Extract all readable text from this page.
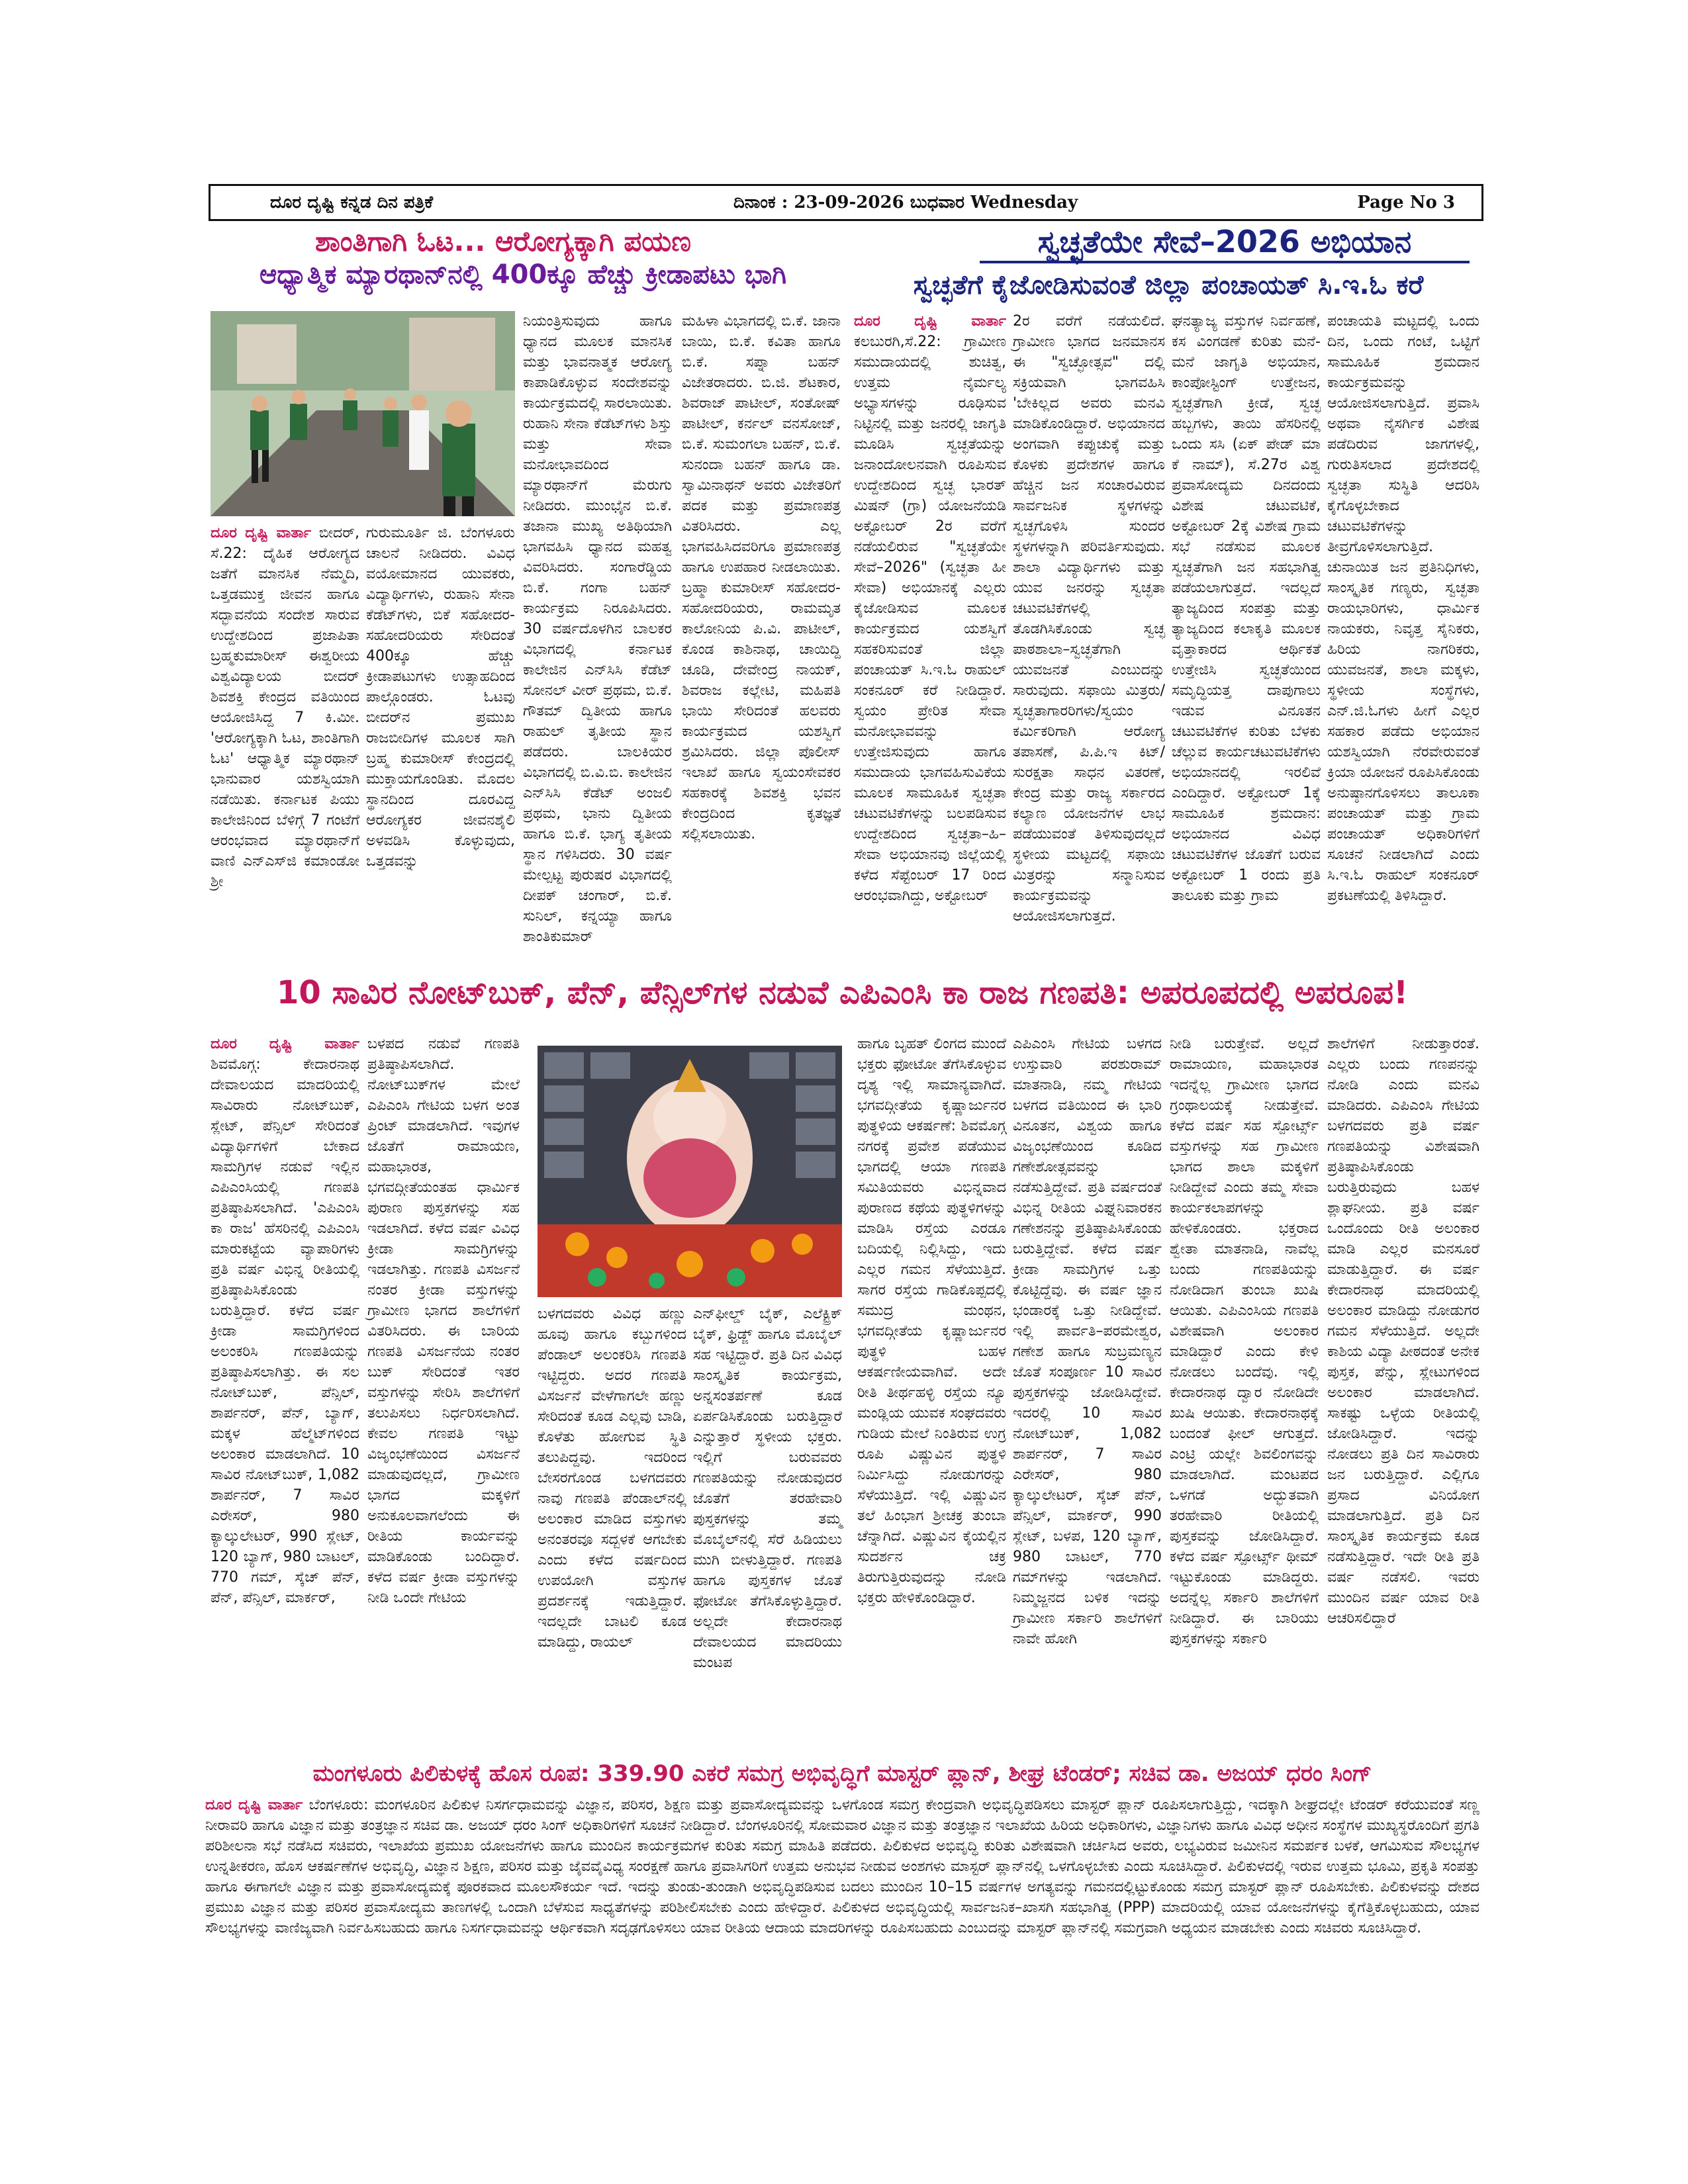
ದೂರ ದೃಷ್ಟಿ ಕನ್ನಡ ದಿನ ಪತ್ರಿಕೆ	ದಿನಾಂಕ : 23-09-2026 ಬುಧವಾರ Wednesday	Page No 3
ಶಾಂತಿಗಾಗಿ ಓಟ... ಆರೋಗ್ಯಕ್ಕಾಗಿ ಪಯಣ
ಆಧ್ಯಾತ್ಮಿಕ ಮ್ಯಾರಥಾನ್‌ನಲ್ಲಿ 400ಕ್ಕೂ ಹೆಚ್ಚು ಕ್ರೀಡಾಪಟು ಭಾಗಿ
ಸ್ವಚ್ಛತೆಯೇ ಸೇವೆ–2026 ಅಭಿಯಾನ
ಸ್ವಚ್ಛತೆಗೆ ಕೈಜೋಡಿಸುವಂತೆ ಜಿಲ್ಲಾ ಪಂಚಾಯತ್ ಸಿ.ಇ.ಓ ಕರೆ
ದೂರ ದೃಷ್ಟಿ ವಾರ್ತಾ ಬೀದರ್, ಸೆ.22: ದೈಹಿಕ ಆರೋಗ್ಯದ ಜತೆಗೆ ಮಾನಸಿಕ ನೆಮ್ಮದಿ, ಒತ್ತಡಮುಕ್ತ ಜೀವನ ಹಾಗೂ ಸದ್ಭಾವನೆಯ ಸಂದೇಶ ಸಾರುವ ಉದ್ದೇಶದಿಂದ ಪ್ರಜಾಪಿತಾ ಬ್ರಹ್ಮಕುಮಾರೀಸ್ ಈಶ್ವರೀಯ ವಿಶ್ವವಿದ್ಯಾಲಯ ಬೀದರ್ ಶಿವಶಕ್ತಿ ಕೇಂದ್ರದ ವತಿಯಿಂದ ಆಯೋಜಿಸಿದ್ದ 7 ಕಿ.ಮೀ. 'ಆರೋಗ್ಯಕ್ಕಾಗಿ ಓಟ, ಶಾಂತಿಗಾಗಿ ಓಟ' ಆಧ್ಯಾತ್ಮಿಕ ಮ್ಯಾರಥಾನ್ ಭಾನುವಾರ ಯಶಸ್ವಿಯಾಗಿ ನಡೆಯಿತು. ಕರ್ನಾಟಕ ಪಿಯು ಕಾಲೇಜಿನಿಂದ ಬೆಳಿಗ್ಗೆ 7 ಗಂಟೆಗೆ ಆರಂಭವಾದ ಮ್ಯಾರಥಾನ್‌ಗೆ ವಾಣಿ ಎನ್‌ಎಸ್‌ಜಿ ಕಮಾಂಡೋ ಶ್ರೀ
ಗುರುಮೂರ್ತಿ ಜಿ. ಬೆಂಗಳೂರು ಚಾಲನೆ ನೀಡಿದರು. ವಿವಿಧ ವಯೋಮಾನದ ಯುವಕರು, ವಿದ್ಯಾರ್ಥಿಗಳು, ರುಹಾನಿ ಸೇನಾ ಕೆಡೆಟ್‌ಗಳು, ಬಿಕೆ ಸಹೋದರ-ಸಹೋದರಿಯರು ಸೇರಿದಂತೆ 400ಕ್ಕೂ ಹೆಚ್ಚು ಕ್ರೀಡಾಪಟುಗಳು ಉತ್ಸಾಹದಿಂದ ಪಾಲ್ಗೊಂಡರು. ಓಟವು ಬೀದರ್‌ನ ಪ್ರಮುಖ ರಾಜಬೀದಿಗಳ ಮೂಲಕ ಸಾಗಿ ಬ್ರಹ್ಮ ಕುಮಾರೀಸ್ ಕೇಂದ್ರದಲ್ಲಿ ಮುಕ್ತಾಯಗೊಂಡಿತು. ಮೊದಲ ಸ್ಥಾನದಿಂದ ದೂರವಿದ್ದ ಆರೋಗ್ಯಕರ ಜೀವನಶೈಲಿ ಅಳವಡಿಸಿ ಕೊಳ್ಳುವುದು, ಒತ್ತಡವನ್ನು
ನಿಯಂತ್ರಿಸುವುದು ಹಾಗೂ ಧ್ಯಾನದ ಮೂಲಕ ಮಾನಸಿಕ ಮತ್ತು ಭಾವನಾತ್ಮಕ ಆರೋಗ್ಯ ಕಾಪಾಡಿಕೊಳ್ಳುವ ಸಂದೇಶವನ್ನು ಕಾರ್ಯಕ್ರಮದಲ್ಲಿ ಸಾರಲಾಯಿತು. ರುಹಾನಿ ಸೇನಾ ಕೆಡೆಟ್‌ಗಳು ಶಿಸ್ತು ಮತ್ತು ಸೇವಾ ಮನೋಭಾವದಿಂದ ಮ್ಯಾರಥಾನ್‌ಗೆ ಮೆರುಗು ನೀಡಿದರು. ಮುಂಭೈನ ಬಿ.ಕೆ. ತಜಾನಾ ಮುಖ್ಯ ಅತಿಥಿಯಾಗಿ ಭಾಗವಹಿಸಿ ಧ್ಯಾನದ ಮಹತ್ವ ವಿವರಿಸಿದರು. ಸಂಗಾರೆಡ್ಡಿಯ ಬಿ.ಕೆ. ಗಂಗಾ ಬಹನ್ ಕಾರ್ಯಕ್ರಮ ನಿರೂಪಿಸಿದರು. 30 ವರ್ಷದೊಳಗಿನ ಬಾಲಕರ ವಿಭಾಗದಲ್ಲಿ ಕರ್ನಾಟಕ ಕಾಲೇಜಿನ ಎನ್‌ಸಿಸಿ ಕೆಡೆಟ್ ಸೋನಲ್ ವೀರ್ ಪ್ರಥಮ, ಬಿ.ಕೆ. ಗೌತಮ್ ದ್ವಿತೀಯ ಹಾಗೂ ರಾಹುಲ್ ತೃತೀಯ ಸ್ಥಾನ ಪಡೆದರು. ಬಾಲಕಿಯರ ವಿಭಾಗದಲ್ಲಿ ಬಿ.ವಿ.ಬಿ. ಕಾಲೇಜಿನ ಎನ್‌ಸಿಸಿ ಕೆಡೆಟ್ ಅಂಜಲಿ ಪ್ರಥಮ, ಭಾನು ದ್ವಿತೀಯ ಹಾಗೂ ಬಿ.ಕೆ. ಭಾಗ್ಯ ತೃತೀಯ ಸ್ಥಾನ ಗಳಿಸಿದರು. 30 ವರ್ಷ ಮೇಲ್ಪಟ್ಟ ಪುರುಷರ ವಿಭಾಗದಲ್ಲಿ ದೀಪಕ್ ಚಂಗಾರ್, ಬಿ.ಕೆ. ಸುನಿಲ್, ಕನ್ನಯ್ಯಾ ಹಾಗೂ ಶಾಂತಿಕುಮಾರ್
ಮಹಿಳಾ ವಿಭಾಗದಲ್ಲಿ ಬಿ.ಕೆ. ಜಾನಾ ಬಾಯಿ, ಬಿ.ಕೆ. ಕವಿತಾ ಹಾಗೂ ಬಿ.ಕೆ. ಸಪ್ನಾ ಬಹನ್ ವಿಜೇತರಾದರು. ಬಿ.ಜಿ. ಶೆಟಕಾರ, ಶಿವರಾಜ್ ಪಾಟೀಲ್, ಸಂತೋಷ್ ಪಾಟೀಲ್, ಕರ್ನಲ್ ವನಸೋಜ್, ಬಿ.ಕೆ. ಸುಮಂಗಲಾ ಬಹನ್, ಬಿ.ಕೆ. ಸುನಂದಾ ಬಹನ್ ಹಾಗೂ ಡಾ. ಸ್ವಾಮಿನಾಥನ್ ಅವರು ವಿಜೇತರಿಗೆ ಪದಕ ಮತ್ತು ಪ್ರಮಾಣಪತ್ರ ವಿತರಿಸಿದರು. ಎಲ್ಲ ಭಾಗವಹಿಸಿದವರಿಗೂ ಪ್ರಮಾಣಪತ್ರ ಹಾಗೂ ಉಪಹಾರ ನೀಡಲಾಯಿತು. ಬ್ರಹ್ಮಾ ಕುಮಾರೀಸ್ ಸಹೋದರ-ಸಹೋದರಿಯರು, ರಾಮಮೃತ ಕಾಲೋನಿಯ ಪಿ.ವಿ. ಪಾಟೀಲ್, ಕೊಂಡ ಕಾಶಿನಾಥ, ಚಾಯಿದ್ದಿ ಚೂಡಿ, ದೇವೇಂದ್ರ ನಾಯಕ್, ಶಿವರಾಜ ಕಲ್ಲೇಟಿ, ಮಹಿಪತಿ ಭಾಯಿ ಸೇರಿದಂತೆ ಹಲವರು ಕಾರ್ಯಕ್ರಮದ ಯಶಸ್ವಿಗೆ ಶ್ರಮಿಸಿದರು. ಜಿಲ್ಲಾ ಪೊಲೀಸ್ ಇಲಾಖೆ ಹಾಗೂ ಸ್ವಯಂಸೇವಕರ ಸಹಕಾರಕ್ಕೆ ಶಿವಶಕ್ತಿ ಭವನ ಕೇಂದ್ರದಿಂದ ಕೃತಜ್ಞತೆ ಸಲ್ಲಿಸಲಾಯಿತು.
ದೂರ ದೃಷ್ಟಿ ವಾರ್ತಾ ಕಲಬುರಗಿ,ಸೆ.22: ಗ್ರಾಮೀಣ ಸಮುದಾಯದಲ್ಲಿ ಶುಚಿತ್ವ, ಉತ್ತಮ ನೈರ್ಮಲ್ಯ ಅಭ್ಯಾಸಗಳನ್ನು ರೂಢಿಸುವ ನಿಟ್ಟಿನಲ್ಲಿ ಮತ್ತು ಜನರಲ್ಲಿ ಜಾಗೃತಿ ಮೂಡಿಸಿ ಸ್ವಚ್ಛತೆಯನ್ನು ಜನಾಂದೋಲನವಾಗಿ ರೂಪಿಸುವ ಉದ್ದೇಶದಿಂದ ಸ್ವಚ್ಛ ಭಾರತ್ ಮಿಷನ್ (ಗ್ರಾ) ಯೋಜನೆಯಡಿ ಅಕ್ಟೋಬರ್ 2ರ ವರೆಗೆ ನಡೆಯಲಿರುವ "ಸ್ವಚ್ಛತೆಯೇ ಸೇವೆ–2026" (ಸ್ವಚ್ಛತಾ ಹೀ ಸೇವಾ) ಅಭಿಯಾನಕ್ಕೆ ಎಲ್ಲರು ಕೈಜೋಡಿಸುವ ಮೂಲಕ ಕಾರ್ಯಕ್ರಮದ ಯಶಸ್ವಿಗೆ ಸಹಕರಿಸುವಂತೆ ಜಿಲ್ಲಾ ಪಂಚಾಯತ್ ಸಿ.ಇ.ಓ ರಾಹುಲ್ ಸಂಕನೂರ್ ಕರೆ ನೀಡಿದ್ದಾರೆ. ಸ್ವಯಂ ಪ್ರೇರಿತ ಸೇವಾ ಮನೋಭಾವವನ್ನು ಉತ್ತೇಜಿಸುವುದು ಹಾಗೂ ಸಮುದಾಯ ಭಾಗವಹಿಸುವಿಕೆಯ ಮೂಲಕ ಸಾಮೂಹಿಕ ಸ್ವಚ್ಛತಾ ಚಟುವಟಿಕೆಗಳನ್ನು ಬಲಪಡಿಸುವ ಉದ್ದೇಶದಿಂದ ಸ್ವಚ್ಛತಾ–ಹಿ–ಸೇವಾ ಅಭಿಯಾನವು ಜಿಲ್ಲೆಯಲ್ಲಿ ಕಳೆದ ಸೆಪ್ಟೆಂಬರ್ 17 ರಿಂದ ಆರಂಭವಾಗಿದ್ದು, ಅಕ್ಟೋಬರ್
2ರ ವರೆಗೆ ನಡೆಯಲಿದೆ. ಗ್ರಾಮೀಣ ಭಾಗದ ಜನಮಾನಸ ಈ "ಸ್ವಚ್ಛೋತ್ಸವ" ದಲ್ಲಿ ಸಕ್ರಿಯವಾಗಿ ಭಾಗವಹಿಸಿ 'ಬೇಕಿಲ್ಲದ ಅವರು ಮನವಿ ಮಾಡಿಕೊಂಡಿದ್ದಾರೆ. ಅಭಿಯಾನದ ಅಂಗವಾಗಿ ಕಪ್ಪುಚುಕ್ಕೆ ಮತ್ತು ಕೊಳಕು ಪ್ರದೇಶಗಳ ಹಾಗೂ ಹೆಚ್ಚಿನ ಜನ ಸಂಚಾರವಿರುವ ಸಾರ್ವಜನಿಕ ಸ್ಥಳಗಳನ್ನು ಸ್ವಚ್ಛಗೊಳಿಸಿ ಸುಂದರ ಸ್ಥಳಗಳನ್ನಾಗಿ ಪರಿವರ್ತಿಸುವುದು. ಶಾಲಾ ವಿದ್ಯಾರ್ಥಿಗಳು ಮತ್ತು ಯುವ ಜನರನ್ನು ಸ್ವಚ್ಛತಾ ಚಟುವಟಿಕೆಗಳಲ್ಲಿ ತೊಡಗಿಸಿಕೊಂಡು ಸ್ವಚ್ಛ ಪಾಠಶಾಲಾ–ಸ್ವಚ್ಛತೆಗಾಗಿ ಯುವಜನತೆ ಎಂಬುದನ್ನು ಸಾರುವುದು. ಸಫಾಯಿ ಮಿತ್ರರು/ಸ್ವಚ್ಛತಾಗಾರರಿಗಳು/ಸ್ವಯಂ ಕರ್ಮಿಕರಿಗಾಗಿ ಆರೋಗ್ಯ ತಪಾಸಣೆ, ಪಿ.ಪಿ.ಇ ಕಿಟ್/ ಸುರಕ್ಷತಾ ಸಾಧನ ವಿತರಣೆ, ಕೇಂದ್ರ ಮತ್ತು ರಾಜ್ಯ ಸರ್ಕಾರದ ಕಲ್ಯಾಣ ಯೋಜನೆಗಳ ಲಾಭ ಪಡೆಯುವಂತೆ ತಿಳಿಸುವುದಲ್ಲದೆ ಸ್ಥಳೀಯ ಮಟ್ಟದಲ್ಲಿ ಸಫಾಯಿ ಮಿತ್ರರನ್ನು ಸನ್ಮಾನಿಸುವ ಕಾರ್ಯಕ್ರಮವನ್ನು ಆಯೋಜಿಸಲಾಗುತ್ತದೆ.
ಘನತ್ಯಾಜ್ಯ ವಸ್ತುಗಳ ನಿರ್ವಹಣೆ, ಕಸ ವಿಂಗಡಣೆ ಕುರಿತು ಮನೆ-ಮನೆ ಜಾಗೃತಿ ಅಭಿಯಾನ, ಕಾಂಪೋಸ್ಟಿಂಗ್ ಉತ್ತೇಜನ, ಸ್ವಚ್ಛತೆಗಾಗಿ ಕ್ರೀಡೆ, ಸ್ವಚ್ಛ ಹಬ್ಬಗಳು, ತಾಯಿ ಹೆಸರಿನಲ್ಲಿ ಒಂದು ಸಸಿ (ಏಕ್ ಪೇಡ್ ಮಾ ಕೆ ನಾಮ್), ಸೆ.27ರ ವಿಶ್ವ ಪ್ರವಾಸೋದ್ಯಮ ದಿನದಂದು ವಿಶೇಷ ಚಟುವಟಿಕೆ, ಅಕ್ಟೋಬರ್ 2ಕ್ಕೆ ವಿಶೇಷ ಗ್ರಾಮ ಸಭೆ ನಡೆಸುವ ಮೂಲಕ ಸ್ವಚ್ಛತೆಗಾಗಿ ಜನ ಸಹಭಾಗಿತ್ವ ಪಡೆಯಲಾಗುತ್ತದೆ. ಇದಲ್ಲದೆ ತ್ಯಾಜ್ಯದಿಂದ ಸಂಪತ್ತು ಮತ್ತು ತ್ಯಾಜ್ಯದಿಂದ ಕಲಾಕೃತಿ ಮೂಲಕ ವೃತ್ತಾಕಾರದ ಆರ್ಥಿಕತೆ ಉತ್ತೇಜಿಸಿ ಸ್ವಚ್ಛತೆಯಿಂದ ಸಮೃದ್ಧಿಯತ್ತ ದಾಪುಗಾಲು ಇಡುವ ವಿನೂತನ ಚಟುವಟಿಕೆಗಳ ಕುರಿತು ಬೆಳಕು ಚೆಲ್ಲುವ ಕಾರ್ಯಚಟುವಟಿಕೆಗಳು ಅಭಿಯಾನದಲ್ಲಿ ಇರಲಿವೆ ಎಂದಿದ್ದಾರೆ. ಅಕ್ಟೋಬರ್ 1ಕ್ಕೆ ಸಾಮೂಹಿಕ ಶ್ರಮದಾನ: ಅಭಿಯಾನದ ವಿವಿಧ ಚಟುವಟಿಕೆಗಳ ಜೊತೆಗೆ ಬರುವ ಅಕ್ಟೋಬರ್ 1 ರಂದು ಪ್ರತಿ ತಾಲೂಕು ಮತ್ತು ಗ್ರಾಮ
ಪಂಚಾಯತಿ ಮಟ್ಟದಲ್ಲಿ ಒಂದು ದಿನ, ಒಂದು ಗಂಟೆ, ಒಟ್ಟಿಗೆ ಸಾಮೂಹಿಕ ಶ್ರಮದಾನ ಕಾರ್ಯಕ್ರಮವನ್ನು ಆಯೋಜಿಸಲಾಗುತ್ತಿದೆ. ಪ್ರವಾಸಿ ಅಥವಾ ನೈಸರ್ಗಿಕ ವಿಶೇಷ ಪಡೆದಿರುವ ಜಾಗಗಳಲ್ಲಿ, ಗುರುತಿಸಲಾದ ಪ್ರದೇಶದಲ್ಲಿ ಸ್ವಚ್ಛತಾ ಸುಸ್ಥಿತಿ ಆದರಿಸಿ ಕೈಗೊಳ್ಳಬೇಕಾದ ಚಟುವಟಿಕೆಗಳನ್ನು ತೀವ್ರಗೊಳಿಸಲಾಗುತ್ತಿದೆ. ಚುನಾಯಿತ ಜನ ಪ್ರತಿನಿಧಿಗಳು, ಸಾಂಸ್ಕೃತಿಕ ಗಣ್ಯರು, ಸ್ವಚ್ಛತಾ ರಾಯಭಾರಿಗಳು, ಧಾರ್ಮಿಕ ನಾಯಕರು, ನಿವೃತ್ತ ಸೈನಿಕರು, ಹಿರಿಯ ನಾಗರಿಕರು, ಯುವಜನತೆ, ಶಾಲಾ ಮಕ್ಕಳು, ಸ್ಥಳೀಯ ಸಂಸ್ಥೆಗಳು, ಎನ್.ಜಿ.ಓಗಳು ಹೀಗೆ ಎಲ್ಲರ ಸಹಕಾರ ಪಡೆದು ಅಭಿಯಾನ ಯಶಸ್ವಿಯಾಗಿ ನೆರವೇರುವಂತೆ ಕ್ರಿಯಾ ಯೋಜನೆ ರೂಪಿಸಿಕೊಂಡು ಅನುಷ್ಠಾನಗೊಳಿಸಲು ತಾಲೂಕಾ ಪಂಚಾಯತ್ ಮತ್ತು ಗ್ರಾಮ ಪಂಚಾಯತ್ ಅಧಿಕಾರಿಗಳಿಗೆ ಸೂಚನೆ ನೀಡಲಾಗಿದೆ ಎಂದು ಸಿ.ಇ.ಓ ರಾಹುಲ್ ಸಂಕನೂರ್ ಪ್ರಕಟಣೆಯಲ್ಲಿ ತಿಳಿಸಿದ್ದಾರೆ.
10 ಸಾವಿರ ನೋಟ್‌ಬುಕ್, ಪೆನ್, ಪೆನ್ಸಿಲ್‌ಗಳ ನಡುವೆ ಎಪಿಎಂಸಿ ಕಾ ರಾಜ ಗಣಪತಿ: ಅಪರೂಪದಲ್ಲಿ ಅಪರೂಪ!
ದೂರ ದೃಷ್ಟಿ ವಾರ್ತಾ ಶಿವಮೊಗ್ಗ: ಕೇದಾರನಾಥ ದೇವಾಲಯದ ಮಾದರಿಯಲ್ಲಿ ಸಾವಿರಾರು ನೋಟ್‌ಬುಕ್, ಸ್ಲೇಟ್, ಪೆನ್ಸಿಲ್ ಸೇರಿದಂತೆ ವಿದ್ಯಾರ್ಥಿಗಳಿಗೆ ಬೇಕಾದ ಸಾಮಗ್ರಿಗಳ ನಡುವೆ ಇಲ್ಲಿನ ಎಪಿಎಂಸಿಯಲ್ಲಿ ಗಣಪತಿ ಪ್ರತಿಷ್ಠಾಪಿಸಲಾಗಿದೆ. 'ಎಪಿಎಂಸಿ ಕಾ ರಾಜ' ಹೆಸರಿನಲ್ಲಿ ಎಪಿಎಂಸಿ ಮಾರುಕಟ್ಟೆಯ ವ್ಯಾಪಾರಿಗಳು ಪ್ರತಿ ವರ್ಷ ವಿಭಿನ್ನ ರೀತಿಯಲ್ಲಿ ಪ್ರತಿಷ್ಠಾಪಿಸಿಕೊಂಡು ಬರುತ್ತಿದ್ದಾರೆ. ಕಳೆದ ವರ್ಷ ಕ್ರೀಡಾ ಸಾಮಗ್ರಿಗಳಿಂದ ಅಲಂಕರಿಸಿ ಗಣಪತಿಯನ್ನು ಪ್ರತಿಷ್ಠಾಪಿಸಲಾಗಿತ್ತು. ಈ ಸಲ ನೋಟ್‌ಬುಕ್, ಪೆನ್ಸಿಲ್, ಶಾರ್ಪನರ್, ಪೆನ್, ಬ್ಯಾಗ್, ಮಕ್ಕಳ ಹೆಲ್ಮೆಟ್‌ಗಳಿಂದ ಅಲಂಕಾರ ಮಾಡಲಾಗಿದೆ. 10 ಸಾವಿರ ನೋಟ್‌ಬುಕ್, 1,082 ಶಾರ್ಪನರ್, 7 ಸಾವಿರ ಎರೇಸರ್, 980 ಕ್ಯಾಲ್ಕುಲೇಟರ್, 990 ಸ್ಲೇಟ್, 120 ಬ್ಯಾಗ್, 980 ಬಾಟಲ್, 770 ಗಮ್, ಸ್ಕೆಚ್ ಪೆನ್, ಪೆನ್, ಪೆನ್ಸಿಲ್, ಮಾರ್ಕರ್,
ಬಳಪದ ನಡುವೆ ಗಣಪತಿ ಪ್ರತಿಷ್ಠಾಪಿಸಲಾಗಿದೆ. ನೋಟ್‌ಬುಕ್‌ಗಳ ಮೇಲೆ ಎಪಿಎಂಸಿ ಗೇಟಿಯ ಬಳಗ ಅಂತ ಪ್ರಿಂಟ್ ಮಾಡಲಾಗಿದೆ. ಇವುಗಳ ಜೊತೆಗೆ ರಾಮಾಯಣ, ಮಹಾಭಾರತ, ಭಗವದ್ಗೀತೆಯಂತಹ ಧಾರ್ಮಿಕ ಪುರಾಣ ಪುಸ್ತಕಗಳನ್ನು ಸಹ ಇಡಲಾಗಿದೆ. ಕಳೆದ ವರ್ಷ ವಿವಿಧ ಕ್ರೀಡಾ ಸಾಮಗ್ರಿಗಳನ್ನು ಇಡಲಾಗಿತ್ತು. ಗಣಪತಿ ವಿಸರ್ಜನೆ ನಂತರ ಕ್ರೀಡಾ ವಸ್ತುಗಳನ್ನು ಗ್ರಾಮೀಣ ಭಾಗದ ಶಾಲೆಗಳಿಗೆ ವಿತರಿಸಿದರು. ಈ ಬಾರಿಯ ಗಣಪತಿ ವಿಸರ್ಜನೆಯ ನಂತರ ಬುಕ್ ಸೇರಿದಂತೆ ಇತರ ವಸ್ತುಗಳನ್ನು ಸೇರಿಸಿ ಶಾಲೆಗಳಿಗೆ ತಲುಪಿಸಲು ನಿರ್ಧರಿಸಲಾಗಿದೆ. ಕೇವಲ ಗಣಪತಿ ಇಟ್ಟು ವಿಜೃಂಭಣೆಯಿಂದ ವಿಸರ್ಜನೆ ಮಾಡುವುದಲ್ಲದೆ, ಗ್ರಾಮೀಣ ಭಾಗದ ಮಕ್ಕಳಿಗೆ ಅನುಕೂಲವಾಗಲೆಂದು ಈ ರೀತಿಯ ಕಾರ್ಯವನ್ನು ಮಾಡಿಕೊಂಡು ಬಂದಿದ್ದಾರೆ. ಕಳೆದ ವರ್ಷ ಕ್ರೀಡಾ ವಸ್ತುಗಳನ್ನು ನೀಡಿ ಒಂದೇ ಗೇಟಿಯ
ಬಳಗದವರು ವಿವಿಧ ಹಣ್ಣು ಹೂವು ಹಾಗೂ ಕಬ್ಬುಗಳಿಂದ ಪೆಂಡಾಲ್ ಅಲಂಕರಿಸಿ ಗಣಪತಿ ಇಟ್ಟಿದ್ದರು. ಅದರ ಗಣಪತಿ ವಿಸರ್ಜನೆ ವೇಳೆಗಾಗಲೇ ಹಣ್ಣು ಸೇರಿದಂತೆ ಕೂಡ ಎಲ್ಲವು ಬಾಡಿ, ಕೊಳೆತು ಹೋಗುವ ಸ್ಥಿತಿ ತಲುಪಿದ್ದವು. ಇದರಿಂದ ಬೇಸರಗೊಂಡ ಬಳಗದವರು ನಾವು ಗಣಪತಿ ಪೆಂಡಾಲ್‌ನಲ್ಲಿ ಅಲಂಕಾರ ಮಾಡಿದ ವಸ್ತುಗಳು ಅನಂತರವೂ ಸದ್ಬಳಕೆ ಆಗಬೇಕು ಎಂದು ಕಳೆದ ವರ್ಷದಿಂದ ಉಪಯೋಗಿ ವಸ್ತುಗಳ ಪ್ರದರ್ಶನಕ್ಕೆ ಇಡುತ್ತಿದ್ದಾರೆ. ಇದಲ್ಲದೇ ಬಾಟಲಿ ಕೂಡ ಮಾಡಿದ್ದು, ರಾಯಲ್
ಎನ್‌ಫೀಲ್ಡ್ ಬೈಕ್, ಎಲೆಕ್ಟ್ರಿಕ್ ಬೈಕ್, ಫ್ರಿಡ್ಜ್ ಹಾಗೂ ಮೊಬೈಲ್ ಸಹ ಇಟ್ಟಿದ್ದಾರೆ. ಪ್ರತಿ ದಿನ ವಿವಿಧ ಸಾಂಸ್ಕೃತಿಕ ಕಾರ್ಯಕ್ರಮ, ಅನ್ನಸಂತರ್ಪಣೆ ಕೂಡ ಏರ್ಪಡಿಸಿಕೊಂಡು ಬರುತ್ತಿದ್ದಾರೆ ಎನ್ನುತ್ತಾರೆ ಸ್ಥಳೀಯ ಭಕ್ತರು. ಇಲ್ಲಿಗೆ ಬರುವವರು ಗಣಪತಿಯನ್ನು ನೋಡುವುದರ ಜೊತೆಗೆ ತರಹೇವಾರಿ ಪುಸ್ತಕಗಳನ್ನು ತಮ್ಮ ಮೊಬೈಲ್‌ನಲ್ಲಿ ಸೆರೆ ಹಿಡಿಯಲು ಮುಗಿ ಬೀಳುತ್ತಿದ್ದಾರೆ. ಗಣಪತಿ ಹಾಗೂ ಪುಸ್ತಕಗಳ ಜೊತೆ ಫೋಟೋ ತೆಗೆಸಿಕೊಳ್ಳುತ್ತಿದ್ದಾರೆ. ಅಲ್ಲದೇ ಕೇದಾರನಾಥ ದೇವಾಲಯದ ಮಾದರಿಯು ಮಂಟಪ
ಹಾಗೂ ಬೃಹತ್ ಲಿಂಗದ ಮುಂದೆ ಭಕ್ತರು ಫೋಟೋ ತೆಗೆಸಿಕೊಳ್ಳುವ ದೃಶ್ಯ ಇಲ್ಲಿ ಸಾಮಾನ್ಯವಾಗಿದೆ. ಭಗವದ್ಗೀತೆಯ ಕೃಷ್ಣಾರ್ಜುನರ ಪುತ್ಥಳಿಯ ಆಕರ್ಷಣೆ: ಶಿವಮೊಗ್ಗ ನಗರಕ್ಕೆ ಪ್ರವೇಶ ಪಡೆಯುವ ಭಾಗದಲ್ಲಿ ಆಯಾ ಗಣಪತಿ ಸಮಿತಿಯವರು ವಿಭಿನ್ನವಾದ ಪುರಾಣದ ಕಥೆಯ ಪುತ್ಥಳಿಗಳನ್ನು ಮಾಡಿಸಿ ರಸ್ತೆಯ ಎರಡೂ ಬದಿಯಲ್ಲಿ ನಿಲ್ಲಿಸಿದ್ದು, ಇದು ಎಲ್ಲರ ಗಮನ ಸೆಳೆಯುತ್ತಿದೆ. ಸಾಗರ ರಸ್ತೆಯ ಗಾಡಿಕೊಪ್ಪದಲ್ಲಿ ಸಮುದ್ರ ಮಂಥನ, ಭಗವದ್ಗೀತೆಯ ಕೃಷ್ಣಾರ್ಜುನರ ಪುತ್ಥಳಿ ಬಹಳ ಆಕರ್ಷಣೀಯವಾಗಿವೆ. ಅದೇ ರೀತಿ ತೀರ್ಥಹಳ್ಳಿ ರಸ್ತೆಯ ನ್ಯೂ ಮಂಡ್ಲಿಯ ಯುವಕ ಸಂಘದವರು ಗುಡಿಯ ಮೇಲೆ ನಿಂತಿರುವ ಉಗ್ರ ರೂಪಿ ವಿಷ್ಣುವಿನ ಪುತ್ಥಳಿ ನಿರ್ಮಿಸಿದ್ದು ನೋಡುಗರನ್ನು ಸೆಳೆಯುತ್ತಿದೆ. ಇಲ್ಲಿ ವಿಷ್ಣುವಿನ ತಲೆ ಹಿಂಭಾಗ ಶ್ರೀಚಕ್ರ ತುಂಬಾ ಚೆನ್ನಾಗಿದೆ. ವಿಷ್ಣುವಿನ ಕೈಯಲ್ಲಿನ ಸುದರ್ಶನ ಚಕ್ರ ತಿರುಗುತ್ತಿರುವುದನ್ನು ನೋಡಿ ಭಕ್ತರು ಹೇಳಿಕೊಂಡಿದ್ದಾರೆ.
ಎಪಿಎಂಸಿ ಗೇಟಿಯ ಬಳಗದ ಉಸ್ತುವಾರಿ ಪರಶುರಾಮ್ ಮಾತನಾಡಿ, ನಮ್ಮ ಗೇಟಿಯ ಬಳಗದ ವತಿಯಿಂದ ಈ ಭಾರಿ ವಿನೂತನ, ವಿಶ್ವಯ ಹಾಗೂ ವಿಜೃಂಭಣೆಯಿಂದ ಕೂಡಿದ ಗಣೇಶೋತ್ಸವವನ್ನು ನಡೆಸುತ್ತಿದ್ದೇವೆ. ಪ್ರತಿ ವರ್ಷದಂತೆ ವಿಭಿನ್ನ ರೀತಿಯ ವಿಘ್ನನಿವಾರಕನ ಗಣೇಶನನ್ನು ಪ್ರತಿಷ್ಠಾಪಿಸಿಕೊಂಡು ಬರುತ್ತಿದ್ದೇವೆ. ಕಳೆದ ವರ್ಷ ಕ್ರೀಡಾ ಸಾಮಗ್ರಿಗಳ ಒತ್ತು ಕೊಟ್ಟಿದ್ದೆವು. ಈ ವರ್ಷ ಜ್ಞಾನ ಭಂಡಾರಕ್ಕೆ ಒತ್ತು ನೀಡಿದ್ದೇವೆ. ಇಲ್ಲಿ ಪಾರ್ವತಿ–ಪರಮೇಶ್ವರ, ಗಣೇಶ ಹಾಗೂ ಸುಬ್ರಮಣ್ಯನ ಜೊತೆ ಸಂಪೂರ್ಣ 10 ಸಾವಿರ ಪುಸ್ತಕಗಳನ್ನು ಜೋಡಿಸಿದ್ದೇವೆ. ಇದರಲ್ಲಿ 10 ಸಾವಿರ ನೋಟ್‌ಬುಕ್, 1,082 ಶಾರ್ಪನರ್, 7 ಸಾವಿರ ಎರೇಸರ್, 980 ಕ್ಯಾಲ್ಕುಲೇಟರ್, ಸ್ಕೆಚ್ ಪೆನ್, ಪೆನ್ಸಿಲ್, ಮಾರ್ಕರ್, 990 ಸ್ಲೇಟ್, ಬಳಪ, 120 ಬ್ಯಾಗ್, 980 ಬಾಟಲ್, 770 ಗಮ್‌ಗಳನ್ನು ಇಡಲಾಗಿದೆ. ನಿಮ್ಮಜ್ಜನದ ಬಳಿಕ ಇದನ್ನು ಗ್ರಾಮೀಣ ಸರ್ಕಾರಿ ಶಾಲೆಗಳಿಗೆ ನಾವೇ ಹೋಗಿ
ನೀಡಿ ಬರುತ್ತೇವೆ. ಅಲ್ಲದೆ ರಾಮಾಯಣ, ಮಹಾಭಾರತ ಇದನ್ನೆಲ್ಲ ಗ್ರಾಮೀಣ ಭಾಗದ ಗ್ರಂಥಾಲಯಕ್ಕೆ ನೀಡುತ್ತೇವೆ. ಕಳೆದ ವರ್ಷ ಸಹ ಸ್ಪೋರ್ಟ್ಸ್ ವಸ್ತುಗಳನ್ನು ಸಹ ಗ್ರಾಮೀಣ ಭಾಗದ ಶಾಲಾ ಮಕ್ಕಳಿಗೆ ನೀಡಿದ್ದೇವೆ ಎಂದು ತಮ್ಮ ಸೇವಾ ಕಾರ್ಯಕಲಾಪಗಳನ್ನು ಹೇಳಿಕೊಂಡರು. ಭಕ್ತರಾದ ಶ್ವೇತಾ ಮಾತನಾಡಿ, ನಾವೆಲ್ಲ ಬಂದು ಗಣಪತಿಯನ್ನು ನೋಡಿದಾಗ ತುಂಬಾ ಖುಷಿ ಆಯಿತು. ಎಪಿಎಂಸಿಯ ಗಣಪತಿ ವಿಶೇಷವಾಗಿ ಅಲಂಕಾರ ಮಾಡಿದ್ದಾರೆ ಎಂದು ಕೇಳಿ ನೋಡಲು ಬಂದೆವು. ಇಲ್ಲಿ ಕೇದಾರನಾಥ ದ್ವಾರ ನೋಡಿದೇ ಖುಷಿ ಆಯಿತು. ಕೇದಾರನಾಥಕ್ಕೆ ಬಂದಂತೆ ಫೀಲ್ ಆಗುತ್ತದೆ. ಎಂಟ್ರಿ ಯಲ್ಲೇ ಶಿವಲಿಂಗವನ್ನು ಮಾಡಲಾಗಿದೆ. ಮಂಟಪದ ಒಳಗಡೆ ಅದ್ಭುತವಾಗಿ ತರಹೇವಾರಿ ರೀತಿಯಲ್ಲಿ ಪುಸ್ತಕವನ್ನು ಜೋಡಿಸಿದ್ದಾರೆ. ಕಳೆದ ವರ್ಷ ಸ್ಪೋರ್ಟ್ಸ್ ಥೀಮ್ ಇಟ್ಟುಕೊಂಡು ಮಾಡಿದ್ದರು. ಅದನ್ನೆಲ್ಲ ಸರ್ಕಾರಿ ಶಾಲೆಗಳಿಗೆ ನೀಡಿದ್ದಾರೆ. ಈ ಬಾರಿಯು ಪುಸ್ತಕಗಳನ್ನು ಸರ್ಕಾರಿ
ಶಾಲೆಗಳಿಗೆ ನೀಡುತ್ತಾರಂತೆ. ಎಲ್ಲರು ಬಂದು ಗಣಪನನ್ನು ನೋಡಿ ಎಂದು ಮನವಿ ಮಾಡಿದರು. ಎಪಿಎಂಸಿ ಗೇಟಿಯ ಬಳಗದವರು ಪ್ರತಿ ವರ್ಷ ಗಣಪತಿಯನ್ನು ವಿಶೇಷವಾಗಿ ಪ್ರತಿಷ್ಠಾಪಿಸಿಕೊಂಡು ಬರುತ್ತಿರುವುದು ಬಹಳ ಶ್ಲಾಘನೀಯ. ಪ್ರತಿ ವರ್ಷ ಒಂದೊಂದು ರೀತಿ ಅಲಂಕಾರ ಮಾಡಿ ಎಲ್ಲರ ಮನಸೂರೆ ಮಾಡುತ್ತಿದ್ದಾರೆ. ಈ ವರ್ಷ ಕೇದಾರನಾಥ ಮಾದರಿಯಲ್ಲಿ ಅಲಂಕಾರ ಮಾಡಿದ್ದು ನೋಡುಗರ ಗಮನ ಸೆಳೆಯುತ್ತಿದೆ. ಅಲ್ಲದೇ ಕಾಶಿಯ ವಿದ್ಯಾ ಪೀಠದಂತೆ ಅನೇಕ ಪುಸ್ತಕ, ಪೆನ್ನು, ಸ್ಲೇಟುಗಳಿಂದ ಅಲಂಕಾರ ಮಾಡಲಾಗಿದೆ. ಸಾಕಷ್ಟು ಒಳ್ಳೆಯ ರೀತಿಯಲ್ಲಿ ಜೋಡಿಸಿದ್ದಾರೆ. ಇದನ್ನು ನೋಡಲು ಪ್ರತಿ ದಿನ ಸಾವಿರಾರು ಜನ ಬರುತ್ತಿದ್ದಾರೆ. ಎಲ್ಲಿಗೂ ಪ್ರಸಾದ ವಿನಿಯೋಗ ಮಾಡಲಾಗುತ್ತಿದೆ. ಪ್ರತಿ ದಿನ ಸಾಂಸ್ಕೃತಿಕ ಕಾರ್ಯಕ್ರಮ ಕೂಡ ನಡೆಸುತ್ತಿದ್ದಾರೆ. ಇದೇ ರೀತಿ ಪ್ರತಿ ವರ್ಷ ನಡೆಸಲಿ. ಇವರು ಮುಂದಿನ ವರ್ಷ ಯಾವ ರೀತಿ ಆಚರಿಸಲಿದ್ದಾರೆ
ಮಂಗಳೂರು ಪಿಲಿಕುಳಕ್ಕೆ ಹೊಸ ರೂಪ: 339.90 ಎಕರೆ ಸಮಗ್ರ ಅಭಿವೃದ್ಧಿಗೆ ಮಾಸ್ಟರ್ ಪ್ಲಾನ್, ಶೀಘ್ರ ಟೆಂಡರ್; ಸಚಿವ ಡಾ. ಅಜಯ್ ಧರಂ ಸಿಂಗ್
ದೂರ ದೃಷ್ಟಿ ವಾರ್ತಾ ಬೆಂಗಳೂರು: ಮಂಗಳೂರಿನ ಪಿಲಿಕುಳ ನಿಸರ್ಗಧಾಮವನ್ನು ವಿಜ್ಞಾನ, ಪರಿಸರ, ಶಿಕ್ಷಣ ಮತ್ತು ಪ್ರವಾಸೋದ್ಯಮವನ್ನು ಒಳಗೊಂಡ ಸಮಗ್ರ ಕೇಂದ್ರವಾಗಿ ಅಭಿವೃದ್ಧಿಪಡಿಸಲು ಮಾಸ್ಟರ್ ಪ್ಲಾನ್ ರೂಪಿಸಲಾಗುತ್ತಿದ್ದು, ಇದಕ್ಕಾಗಿ ಶೀಘ್ರದಲ್ಲೇ ಟೆಂಡರ್ ಕರೆಯುವಂತೆ ಸಣ್ಣ ನೀರಾವರಿ ಹಾಗೂ ವಿಜ್ಞಾನ ಮತ್ತು ತಂತ್ರಜ್ಞಾನ ಸಚಿವ ಡಾ. ಅಜಯ್ ಧರಂ ಸಿಂಗ್ ಅಧಿಕಾರಿಗಳಿಗೆ ಸೂಚನೆ ನೀಡಿದ್ದಾರೆ. ಬೆಂಗಳೂರಿನಲ್ಲಿ ಸೋಮವಾರ ವಿಜ್ಞಾನ ಮತ್ತು ತಂತ್ರಜ್ಞಾನ ಇಲಾಖೆಯ ಹಿರಿಯ ಅಧಿಕಾರಿಗಳು, ವಿಜ್ಞಾನಿಗಳು ಹಾಗೂ ವಿವಿಧ ಅಧೀನ ಸಂಸ್ಥೆಗಳ ಮುಖ್ಯಸ್ಥರೊಂದಿಗೆ ಪ್ರಗತಿ ಪರಿಶೀಲನಾ ಸಭೆ ನಡೆಸಿದ ಸಚಿವರು, ಇಲಾಖೆಯ ಪ್ರಮುಖ ಯೋಜನೆಗಳು ಹಾಗೂ ಮುಂದಿನ ಕಾರ್ಯಕ್ರಮಗಳ ಕುರಿತು ಸಮಗ್ರ ಮಾಹಿತಿ ಪಡೆದರು. ಪಿಲಿಕುಳದ ಅಭಿವೃದ್ಧಿ ಕುರಿತು ವಿಶೇಷವಾಗಿ ಚರ್ಚಿಸಿದ ಅವರು, ಲಭ್ಯವಿರುವ ಜಮೀನಿನ ಸಮರ್ಪಕ ಬಳಕೆ, ಆಗಮಿಸುವ ಸೌಲಭ್ಯಗಳ ಉನ್ನತೀಕರಣ, ಹೊಸ ಆಕರ್ಷಣೆಗಳ ಅಭಿವೃದ್ಧಿ, ವಿಜ್ಞಾನ ಶಿಕ್ಷಣ, ಪರಿಸರ ಮತ್ತು ಜೈವವೈವಿಧ್ಯ ಸಂರಕ್ಷಣೆ ಹಾಗೂ ಪ್ರವಾಸಿಗರಿಗೆ ಉತ್ತಮ ಅನುಭವ ನೀಡುವ ಅಂಶಗಳು ಮಾಸ್ಟರ್ ಪ್ಲಾನ್‌ನಲ್ಲಿ ಒಳಗೊಳ್ಳಬೇಕು ಎಂದು ಸೂಚಿಸಿದ್ದಾರೆ. ಪಿಲಿಕುಳದಲ್ಲಿ ಇರುವ ಉತ್ತಮ ಭೂಮಿ, ಪ್ರಕೃತಿ ಸಂಪತ್ತು ಹಾಗೂ ಈಗಾಗಲೇ ವಿಜ್ಞಾನ ಮತ್ತು ಪ್ರವಾಸೋದ್ಯಮಕ್ಕೆ ಪೂರಕವಾದ ಮೂಲಸೌಕರ್ಯ ಇದೆ. ಇದನ್ನು ತುಂಡು-ತುಂಡಾಗಿ ಅಭಿವೃದ್ಧಿಪಡಿಸುವ ಬದಲು ಮುಂದಿನ 10–15 ವರ್ಷಗಳ ಅಗತ್ಯವನ್ನು ಗಮನದಲ್ಲಿಟ್ಟುಕೊಂಡು ಸಮಗ್ರ ಮಾಸ್ಟರ್ ಪ್ಲಾನ್ ರೂಪಿಸಬೇಕು. ಪಿಲಿಕುಳವನ್ನು ದೇಶದ ಪ್ರಮುಖ ವಿಜ್ಞಾನ ಮತ್ತು ಪರಿಸರ ಪ್ರವಾಸೋದ್ಯಮ ತಾಣಗಳಲ್ಲಿ ಒಂದಾಗಿ ಬೆಳೆಸುವ ಸಾಧ್ಯತೆಗಳನ್ನು ಪರಿಶೀಲಿಸಬೇಕು ಎಂದು ಹೇಳಿದ್ದಾರೆ. ಪಿಲಿಕುಳದ ಅಭಿವೃದ್ಧಿಯಲ್ಲಿ ಸಾರ್ವಜನಿಕ–ಖಾಸಗಿ ಸಹಭಾಗಿತ್ವ (PPP) ಮಾದರಿಯಲ್ಲಿ ಯಾವ ಯೋಜನೆಗಳನ್ನು ಕೈಗೆತ್ತಿಕೊಳ್ಳಬಹುದು, ಯಾವ ಸೌಲಭ್ಯಗಳನ್ನು ವಾಣಿಜ್ಯವಾಗಿ ನಿರ್ವಹಿಸಬಹುದು ಹಾಗೂ ನಿಸರ್ಗಧಾಮವನ್ನು ಆರ್ಥಿಕವಾಗಿ ಸದೃಢಗೊಳಿಸಲು ಯಾವ ರೀತಿಯ ಆದಾಯ ಮಾದರಿಗಳನ್ನು ರೂಪಿಸಬಹುದು ಎಂಬುದನ್ನು ಮಾಸ್ಟರ್ ಪ್ಲಾನ್‌ನಲ್ಲಿ ಸಮಗ್ರವಾಗಿ ಅಧ್ಯಯನ ಮಾಡಬೇಕು ಎಂದು ಸಚಿವರು ಸೂಚಿಸಿದ್ದಾರೆ.
